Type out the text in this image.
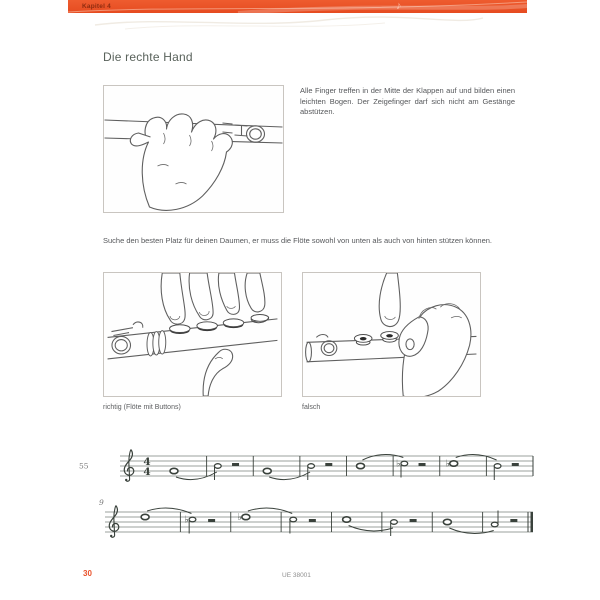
Kapitel 4	♪
Die rechte Hand
Alle Finger treffen in der Mitte der Klappen auf und bilden einen leichten Bogen. Der Zeigefinger darf sich nicht am Gestänge abstützen.
Suche den besten Platz für deinen Daumen, er muss die Flöte sowohl von unten als auch von hinten stützen können.
richtig (Flöte mit Buttons)	falsch
4
4
55	♭	♭
9
♭	♭
30	UE 38001
